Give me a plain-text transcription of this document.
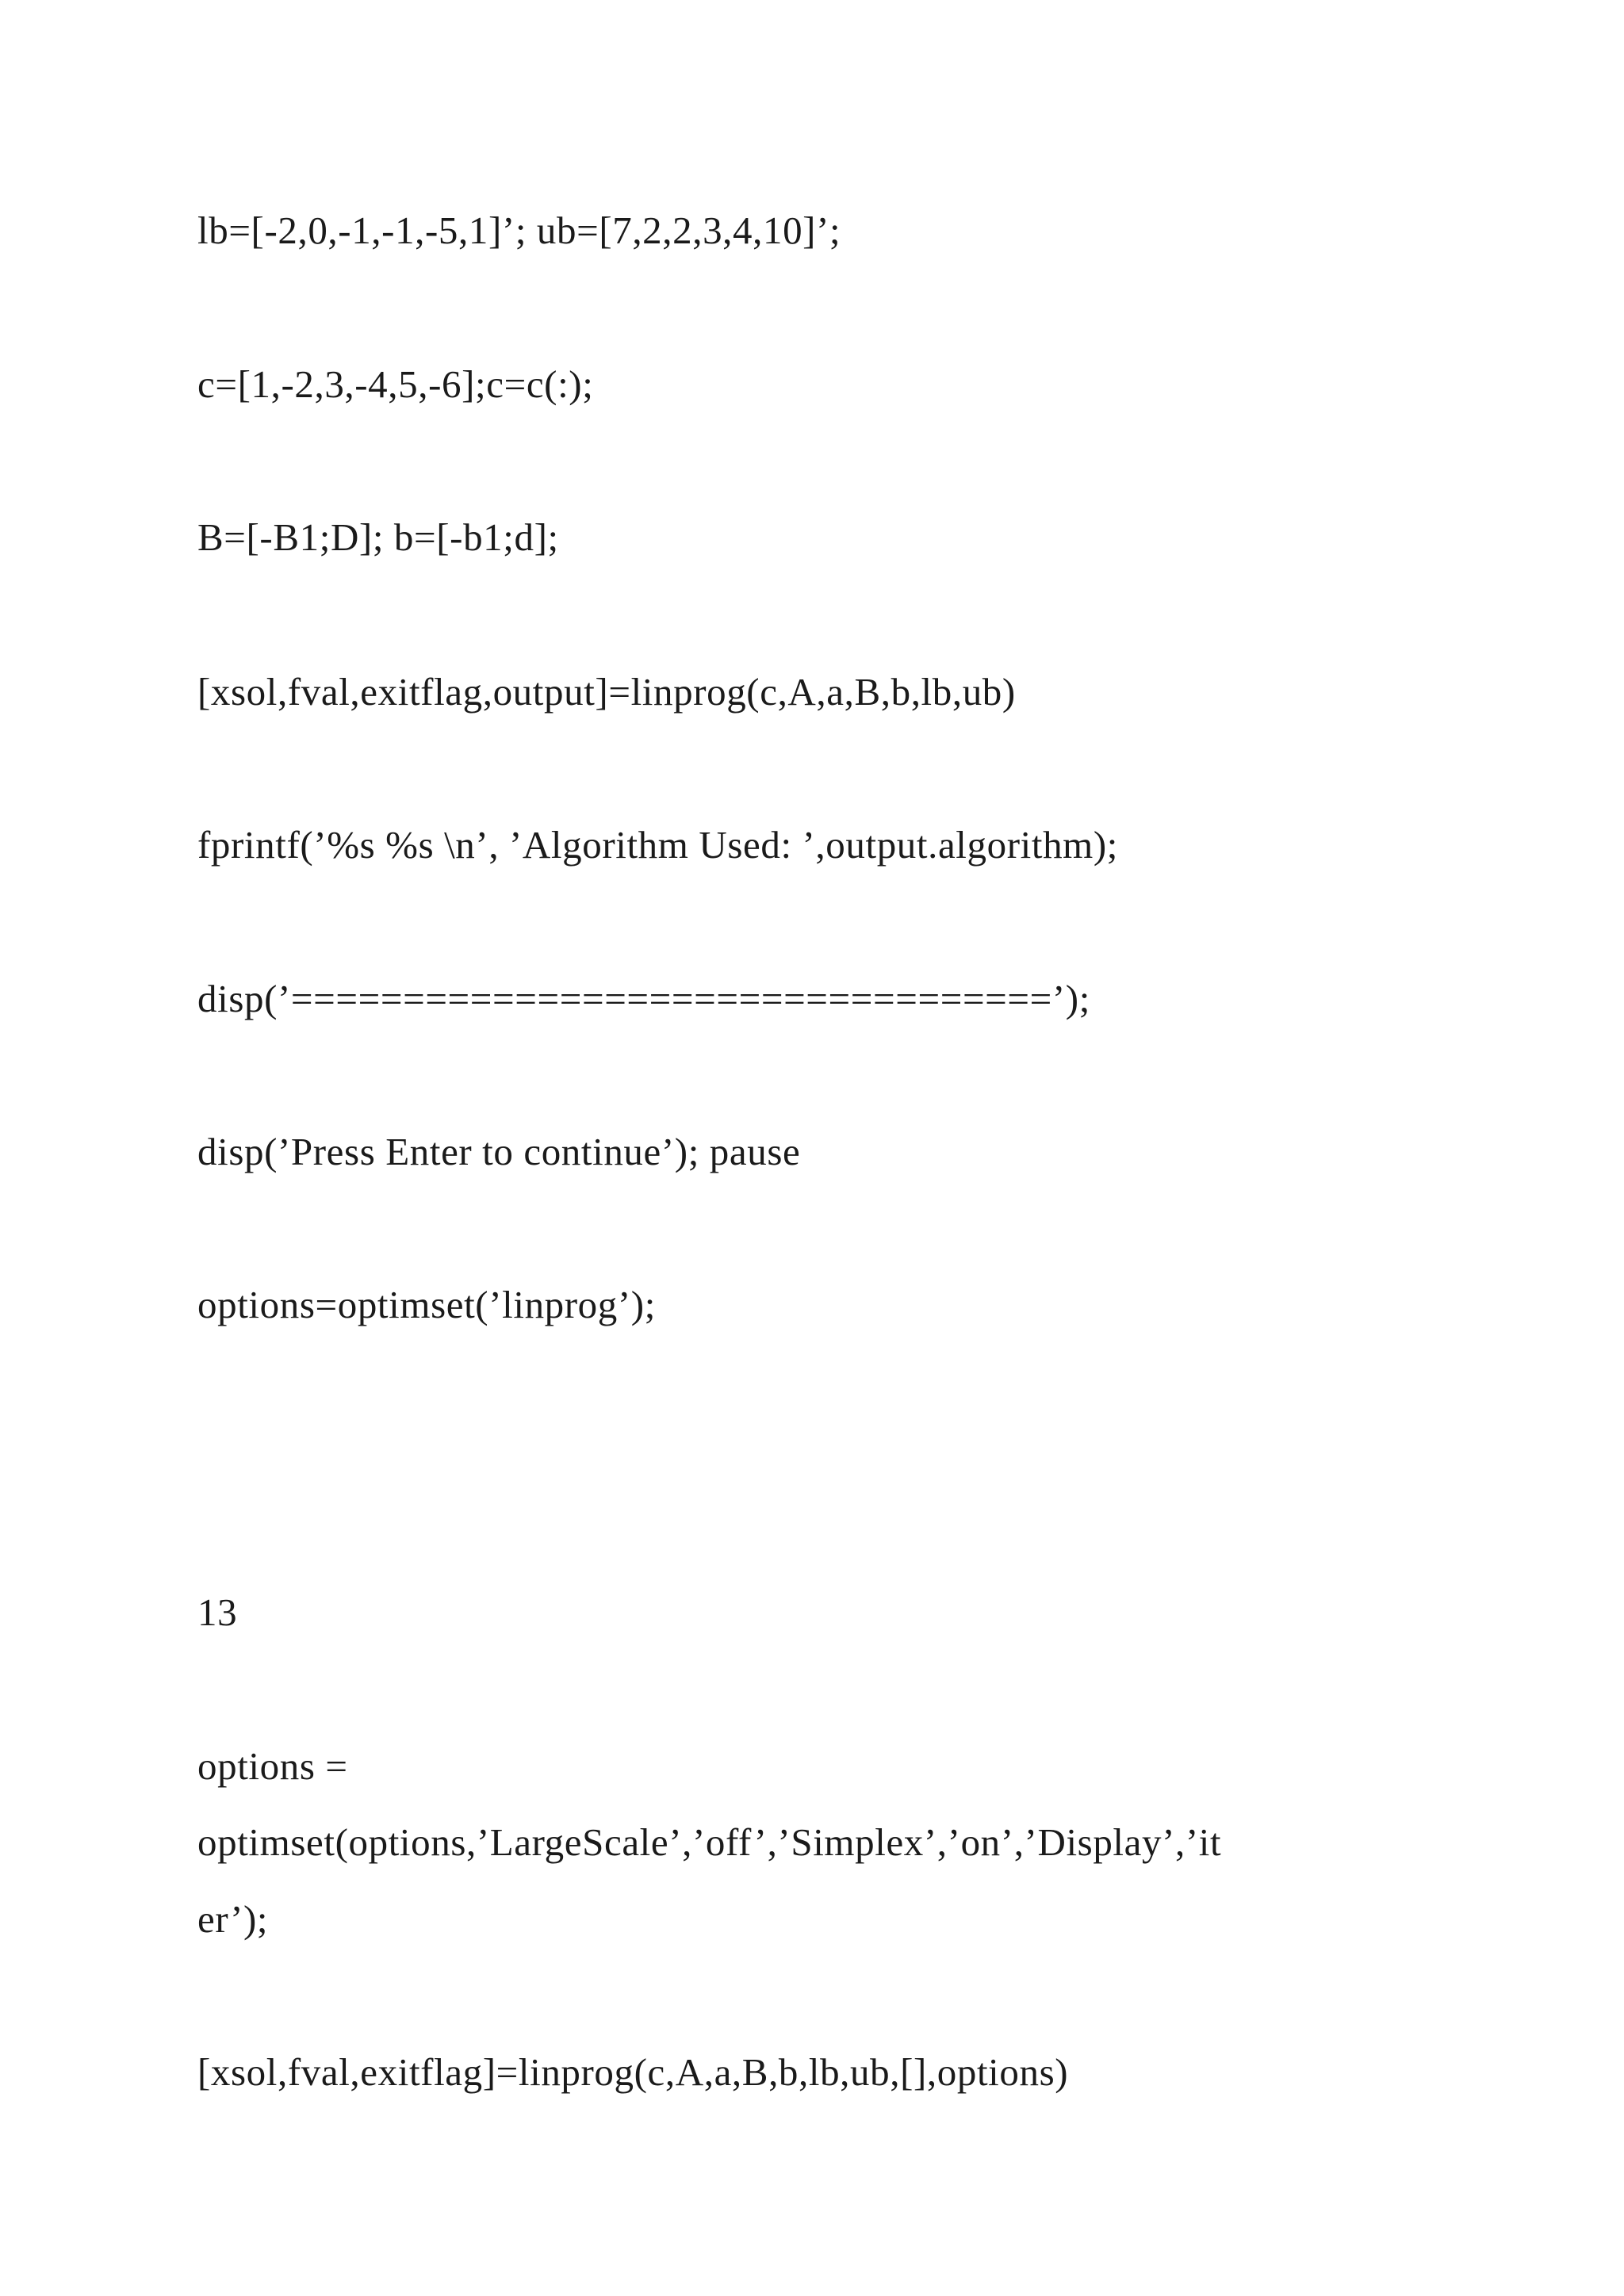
lb=[-2,0,-1,-1,-5,1]’; ub=[7,2,2,3,4,10]’;

c=[1,-2,3,-4,5,-6];c=c(:);

B=[-B1;D]; b=[-b1;d];

[xsol,fval,exitflag,output]=linprog(c,A,a,B,b,lb,ub)

fprintf(’%s %s \n’, ’Algorithm Used: ’,output.algorithm);

disp(’==================================’);

disp(’Press Enter to continue’); pause

options=optimset(’linprog’);

13

options =

optimset(options,’LargeScale’,’off’,’Simplex’,’on’,’Display’,’it

er’);

[xsol,fval,exitflag]=linprog(c,A,a,B,b,lb,ub,[],options)
